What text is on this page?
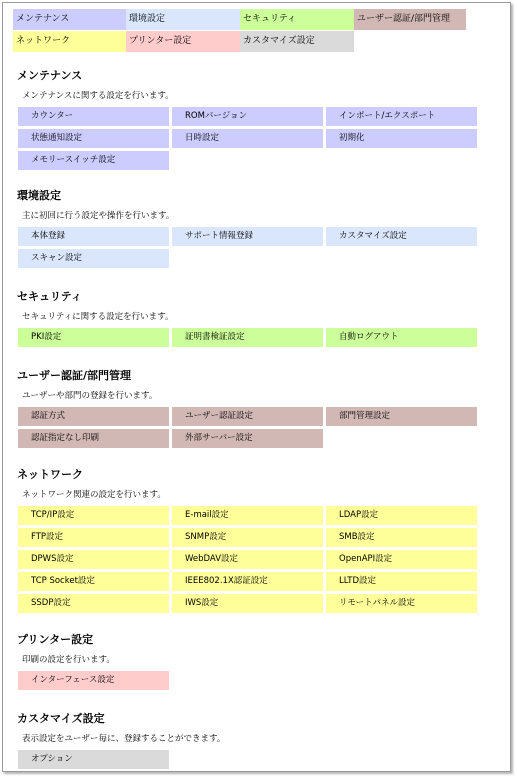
メンテナンス	環境設定	セキュリティ	ユーザー認証/部門管理
ネットワーク	プリンター設定	カスタマイズ設定
メンテナンス
メンテナンスに関する設定を行います。
カウンター	ROMバージョン	インポート/エクスポート
状態通知設定	日時設定	初期化
メモリースイッチ設定
環境設定
主に初回に行う設定や操作を行います。
本体登録	サポート情報登録	カスタマイズ設定
スキャン設定
セキュリティ
セキュリティに関する設定を行います。
PKI設定	証明書検証設定	自動ログアウト
ユーザー認証/部門管理
ユーザーや部門の登録を行います。
認証方式	ユーザー認証設定	部門管理設定
認証指定なし印刷	外部サーバー設定
ネットワーク
ネットワーク関連の設定を行います。
TCP/IP設定	E-mail設定	LDAP設定
FTP設定	SNMP設定	SMB設定
DPWS設定	WebDAV設定	OpenAPI設定
TCP Socket設定	IEEE802.1X認証設定	LLTD設定
SSDP設定	IWS設定	リモートパネル設定
プリンター設定
印刷の設定を行います。
インターフェース設定
カスタマイズ設定
表示設定をユーザー毎に、登録することができます。
オプション
